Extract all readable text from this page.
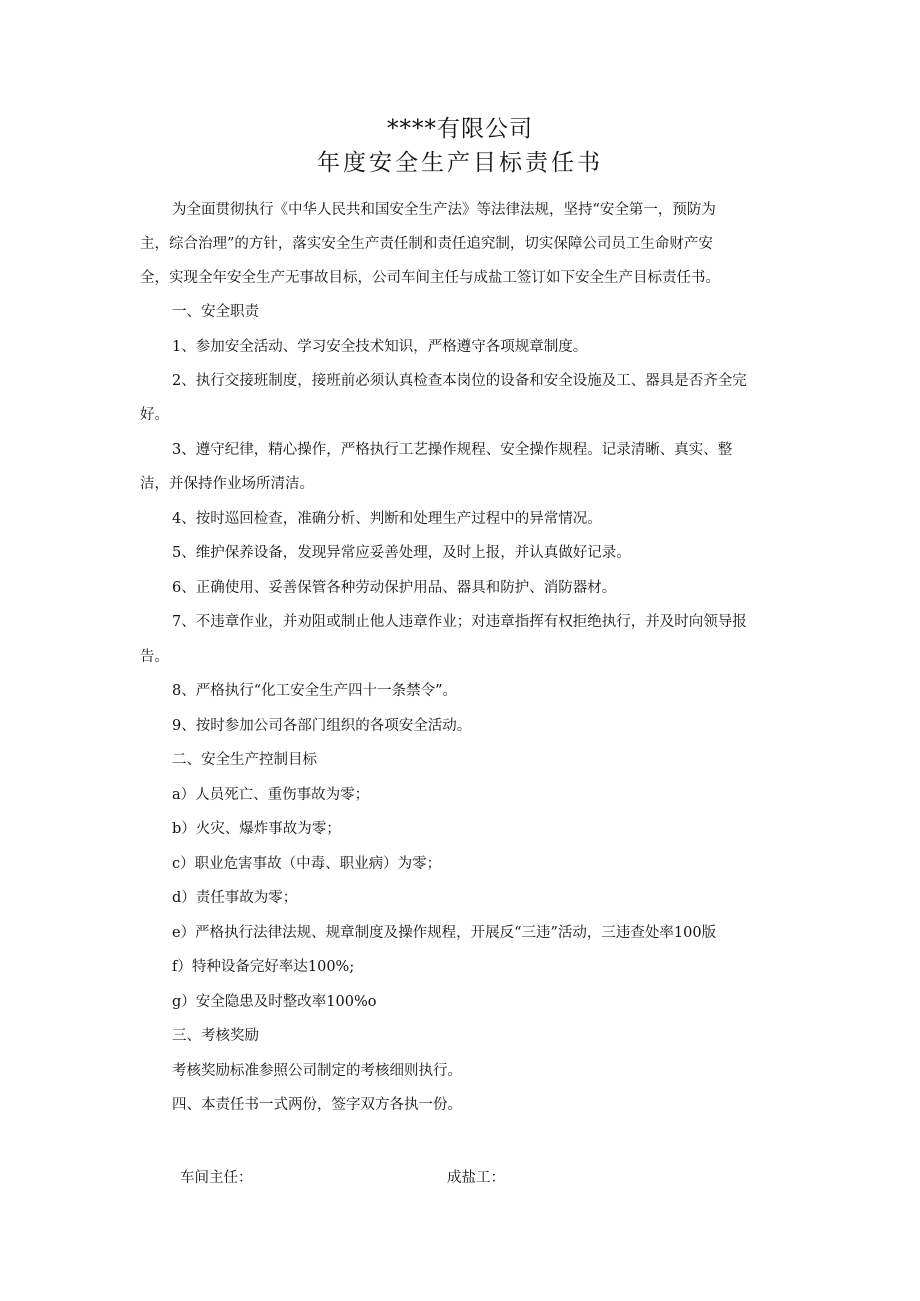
****有限公司
年度安全生产目标责任书
为全面贯彻执行《中华人民共和国安全生产法》等法律法规，坚持“安全第一，预防为
主，综合治理”的方针，落实安全生产责任制和责任追究制，切实保障公司员工生命财产安
全，实现全年安全生产无事故目标，公司车间主任与成盐工签订如下安全生产目标责任书。
一、安全职责
1、参加安全活动、学习安全技术知识，严格遵守各项规章制度。
2、执行交接班制度，接班前必须认真检查本岗位的设备和安全设施及工、器具是否齐全完
好。
3、遵守纪律，精心操作，严格执行工艺操作规程、安全操作规程。记录清晰、真实、整
洁，并保持作业场所清洁。
4、按时巡回检查，准确分析、判断和处理生产过程中的异常情况。
5、维护保养设备，发现异常应妥善处理，及时上报，并认真做好记录。
6、正确使用、妥善保管各种劳动保护用品、器具和防护、消防器材。
7、不违章作业，并劝阻或制止他人违章作业；对违章指挥有权拒绝执行，并及时向领导报
告。
8、严格执行“化工安全生产四十一条禁令”。
9、按时参加公司各部门组织的各项安全活动。
二、安全生产控制目标
a）人员死亡、重伤事故为零；
b）火灾、爆炸事故为零；
c）职业危害事故（中毒、职业病）为零；
d）责任事故为零；
e）严格执行法律法规、规章制度及操作规程，开展反“三违”活动，三违查处率100版
f）特种设备完好率达100%;
g）安全隐患及时整改率100%o
三、考核奖励
考核奖励标准参照公司制定的考核细则执行。
四、本责任书一式两份，签字双方各执一份。
车间主任：	成盐工：
